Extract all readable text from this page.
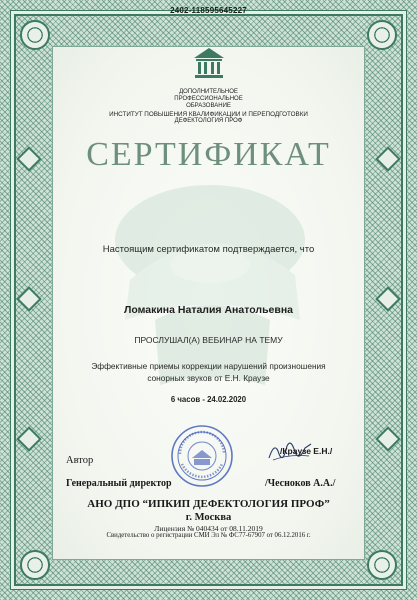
2402-118595645227
ДОПОЛНИТЕЛЬНОЕ
ПРОФЕССИОНАЛЬНОЕ
ОБРАЗОВАНИЕ
ИНСТИТУТ ПОВЫШЕНИЯ КВАЛИФИКАЦИИ И ПЕРЕПОДГОТОВКИ
ДЕФЕКТОЛОГИЯ ПРОФ
СЕРТИФИКАТ
Настоящим сертификатом подтверждается, что
Ломакина Наталия Анатольевна
ПРОСЛУШАЛ(А) ВЕБИНАР НА ТЕМУ
Эффективные приемы коррекции нарушений произношения
сонорных звуков от Е.Н. Краузе
6 часов - 24.02.2020
Автор
/Краузе Е.Н./
Генеральный директор	/Чесноков А.А./
АНО ДПО “ИПКИП ДЕФЕКТОЛОГИЯ ПРОФ”
г. Москва
Лицензия № 040434 от 08.11.2019
Свидетельство о регистрации СМИ Эл № ФС77-67907 от 06.12.2016 г.
